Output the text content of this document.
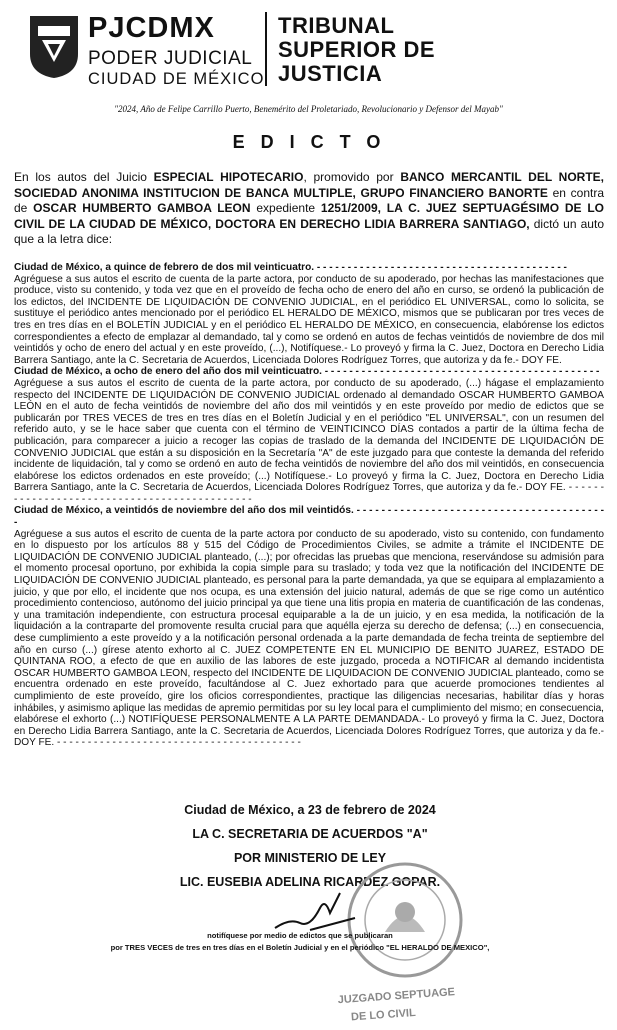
PJCDMX
PODER JUDICIAL
CIUDAD DE MÉXICO
TRIBUNAL
SUPERIOR DE
JUSTICIA
"2024, Año de Felipe Carrillo Puerto, Benemérito del Proletariado, Revolucionario y Defensor del Mayab"
EDICTO
En los autos del Juicio ESPECIAL HIPOTECARIO, promovido por BANCO MERCANTIL DEL NORTE, SOCIEDAD ANONIMA INSTITUCION DE BANCA MULTIPLE, GRUPO FINANCIERO BANORTE en contra de OSCAR HUMBERTO GAMBOA LEON expediente 1251/2009, LA C. JUEZ SEPTUAGÉSIMO DE LO CIVIL DE LA CIUDAD DE MÉXICO, DOCTORA EN DERECHO LIDIA BARRERA SANTIAGO, dictó un auto que a la letra dice:

Ciudad de México, a quince de febrero de dos mil veinticuatro. - - - - - - - - - - - - - - - - - - - - - - - - - - - - - - - - - - - - - - - - -

Agréguese a sus autos el escrito de cuenta de la parte actora, por conducto de su apoderado, por hechas las manifestaciones que produce, visto su contenido, y toda vez que en el proveído de fecha ocho de enero del año en curso, se ordenó la publicación de los edictos, del INCIDENTE DE LIQUIDACIÓN DE CONVENIO JUDICIAL, en el periódico EL UNIVERSAL, como lo solicita, se sustituye el periódico antes mencionado por el periódico EL HERALDO DE MÉXICO, mismos que se publicaran por tres veces de tres en tres días en el BOLETÍN JUDICIAL y en el periódico EL HERALDO DE MÉXICO, en consecuencia, elabórense los edictos correspondientes a efecto de emplazar al demandado, tal y como se ordenó en autos de fechas veintidós de noviembre de dos mil veintidós y ocho de enero del actual y en este proveído, (...), Notifíquese.- Lo proveyó y firma la C. Juez, Doctora en Derecho Lidia Barrera Santiago, ante la C. Secretaria de Acuerdos, Licenciada Dolores Rodríguez Torres, que autoriza y da fe.- DOY FE.

Ciudad de México, a ocho de enero del año dos mil veinticuatro. - - - - - - - - - - - - - - - - - - - - - - - - - - - - - - - - - - - - - - - - - - - - -

Agréguese a sus autos el escrito de cuenta de la parte actora, por conducto de su apoderado, (...) hágase el emplazamiento respecto del INCIDENTE DE LIQUIDACIÓN DE CONVENIO JUDICIAL ordenado al demandado OSCAR HUMBERTO GAMBOA LEÓN en el auto de fecha veintidós de noviembre del año dos mil veintidós y en este proveído por medio de edictos que se publicarán por TRES VECES de tres en tres días en el Boletín Judicial y en el periódico "EL UNIVERSAL", con un resumen del referido auto, y se le hace saber que cuenta con el término de VEINTICINCO DÍAS contados a partir de la última fecha de publicación, para comparecer a juicio a recoger las copias de traslado de la demanda del INCIDENTE DE LIQUIDACIÓN DE CONVENIO JUDICIAL que están a su disposición en la Secretaría "A" de este juzgado para que conteste la demanda del referido incidente de liquidación, tal y como se ordenó en auto de fecha veintidós de noviembre del año dos mil veintidós, en consecuencia elabórese los edictos ordenados en este proveído; (...) Notifíquese.- Lo proveyó y firma la C. Juez, Doctora en Derecho Lidia Barrera Santiago, ante la C. Secretaria de Acuerdos, Licenciada Dolores Rodríguez Torres, que autoriza y da fe.- DOY FE. - - - - - - - - - - - - - - - - - - - - - - - - - - - - - - - - - - - - - - - - - - - - -

Ciudad de México, a veintidós de noviembre del año dos mil veintidós. - - - - - - - - - - - - - - - - - - - - - - - - - - - - - - - - - - - - - - - - -

Agréguese a sus autos el escrito de cuenta de la parte actora por conducto de su apoderado, visto su contenido, con fundamento en lo dispuesto por los artículos 88 y 515 del Código de Procedimientos Civiles, se admite a trámite el INCIDENTE DE LIQUIDACIÓN DE CONVENIO JUDICIAL planteado, (...); por ofrecidas las pruebas que menciona, reservándose su admisión para el momento procesal oportuno, por exhibida la copia simple para su traslado; y toda vez que la notificación del INCIDENTE DE LIQUIDACIÓN DE CONVENIO JUDICIAL planteado, es personal para la parte demandada, ya que se equipara al emplazamiento a juicio, y que por ello, el incidente que nos ocupa, es una extensión del juicio natural, además de que se rige como un auténtico procedimiento contencioso, autónomo del juicio principal ya que tiene una litis propia en materia de cuantificación de las condenas, y una tramitación independiente, con estructura procesal equiparable a la de un juicio, y en esa medida, la notificación de la liquidación a la contraparte del promovente resulta crucial para que aquélla ejerza su derecho de defensa; (...) en consecuencia, dese cumplimiento a este proveído y a la notificación personal ordenada a la parte demandada de fecha treinta de septiembre del año en curso (...) gírese atento exhorto al C. JUEZ COMPETENTE EN EL MUNICIPIO DE BENITO JUAREZ, ESTADO DE QUINTANA ROO, a efecto de que en auxilio de las labores de este juzgado, proceda a NOTIFICAR al demando incidentista OSCAR HUMBERTO GAMBOA LEON, respecto del INCIDENTE DE LIQUIDACION DE CONVENIO JUDICIAL planteado, como se encuentra ordenado en este proveído, facultándose al C. Juez exhortado para que acuerde promociones tendientes al cumplimiento de este proveído, gire los oficios correspondientes, practique las diligencias necesarias, habilitar días y horas inhábiles, y asimismo aplique las medidas de apremio permitidas por su ley local para el cumplimiento del mismo; en consecuencia, elabórese el exhorto (...) NOTIFÍQUESE PERSONALMENTE A LA PARTE DEMANDADA.- Lo proveyó y firma la C. Juez, Doctora en Derecho Lidia Barrera Santiago, ante la C. Secretaria de Acuerdos, Licenciada Dolores Rodríguez Torres, que autoriza y da fe.- DOY FE. - - - - - - - - - - - - - - - - - - - - - - - - - - - - - - - - - - - - - - - -

Ciudad de México, a 23 de febrero de 2024
LA C. SECRETARIA DE ACUERDOS "A"
POR MINISTERIO DE LEY
LIC. EUSEBIA ADELINA RICARDEZ GOPAR.
notifíquese por medio de edictos que se publicaran
por TRES VECES de tres en tres días en el Boletín Judicial y en el periódico "EL HERALDO DE MEXICO",
JUZGADO SEPTUAGE
DE LO CIVIL
